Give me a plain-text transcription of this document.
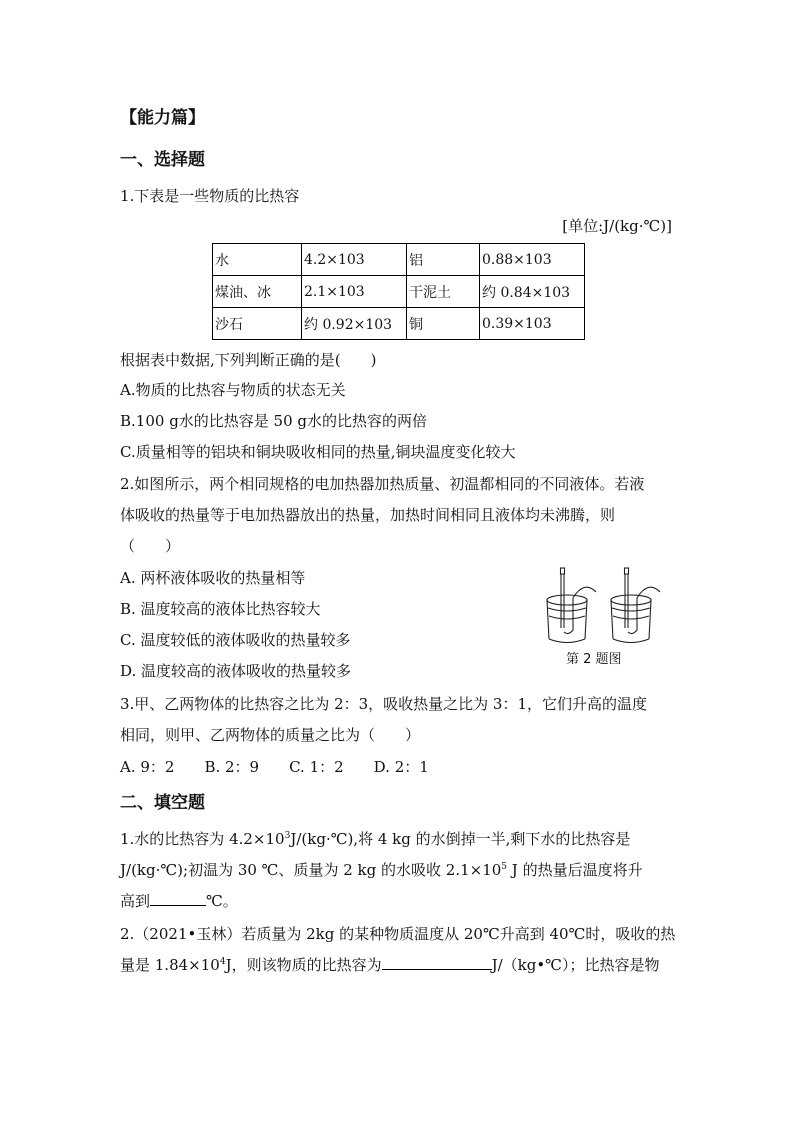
【能力篇】
一、选择题
1.下表是一些物质的比热容
[单位:J/(kg·℃)]
水	4.2×103	铝	0.88×103
煤油、冰	2.1×103	干泥土	约 0.84×103
沙石	约 0.92×103	铜	0.39×103
根据表中数据,下列判断正确的是(　　)
A.物质的比热容与物质的状态无关
B.100 g水的比热容是 50 g水的比热容的两倍
C.质量相等的铝块和铜块吸收相同的热量,铜块温度变化较大
2.如图所示，两个相同规格的电加热器加热质量、初温都相同的不同液体。若液
体吸收的热量等于电加热器放出的热量，加热时间相同且液体均未沸腾，则
（　　）
A. 两杯液体吸收的热量相等
B. 温度较高的液体比热容较大
C. 温度较低的液体吸收的热量较多
D. 温度较高的液体吸收的热量较多
第 2 题图
3.甲、乙两物体的比热容之比为 2：3，吸收热量之比为 3：1，它们升高的温度
相同，则甲、乙两物体的质量之比为（　　）
A. 9：2　　B. 2：9　　C. 1：2　　D. 2：1
二、填空题
1.水的比热容为 $4.2\times 10^3J/(kg\cdot℃)$,将 4 kg 的水倒掉一半,剩下水的比热容是
J/(kg·℃);初温为 30 ℃、质量为 2 kg 的水吸收 $2.1\times 10^5$ J 的热量后温度将升
高到	℃。
2.（2021•玉林）若质量为 2kg 的某种物质温度从 20℃升高到 40℃时，吸收的热
量是 $1.84\times 10^4J$，则该物质的比热容为	J/（kg•℃）；比热容是物
